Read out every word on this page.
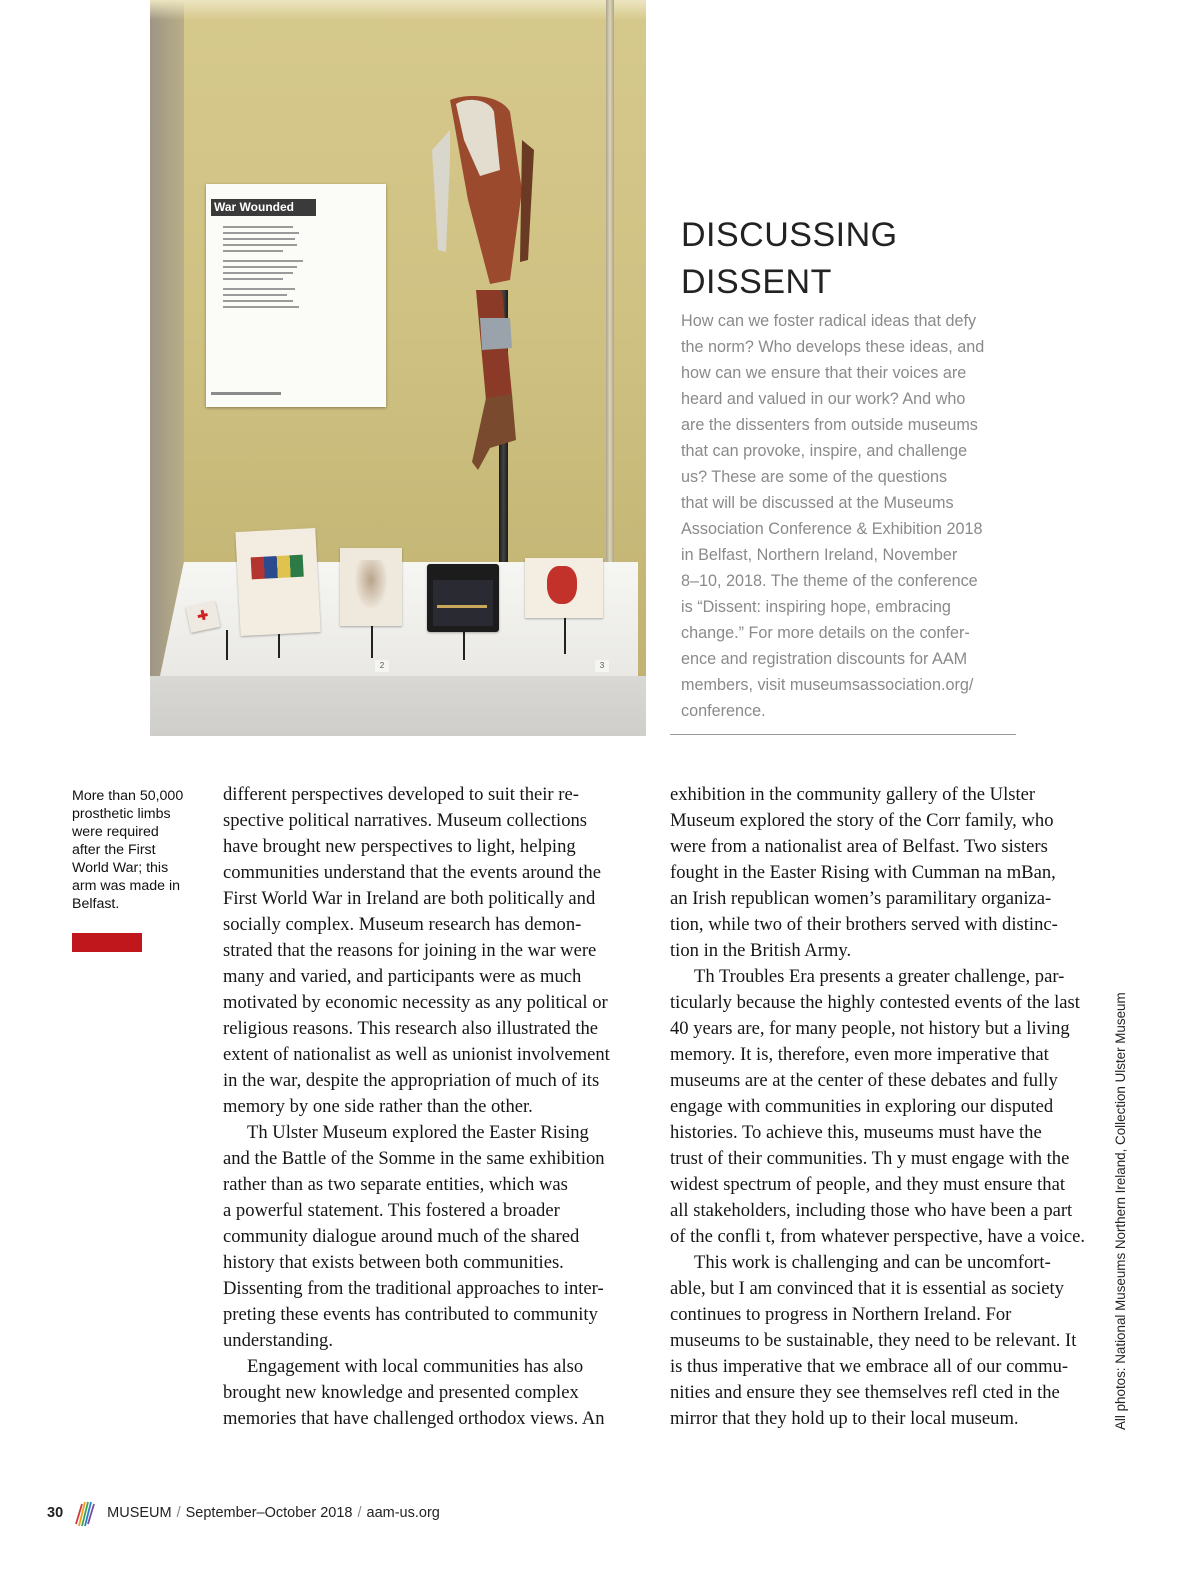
War Wounded
2	3
DISCUSSING
DISSENT
How can we foster radical ideas that defy
the norm? Who develops these ideas, and
how can we ensure that their voices are
heard and valued in our work? And who
are the dissenters from outside museums
that can provoke, inspire, and challenge
us? These are some of the questions
that will be discussed at the Museums
Association Conference & Exhibition 2018
in Belfast, Northern Ireland, November
8–10, 2018. The theme of the conference
is “Dissent: inspiring hope, embracing
change.” For more details on the confer-
ence and registration discounts for AAM
members, visit museumsassociation.org/
conference.
More than 50,000
prosthetic limbs
were required
after the First
World War; this
arm was made in
Belfast.
different perspectives developed to suit their re-
spective political narratives. Museum collections
have brought new perspectives to light, helping
communities understand that the events around the
First World War in Ireland are both politically and
socially complex. Museum research has demon-
strated that the reasons for joining in the war were
many and varied, and participants were as much
motivated by economic necessity as any political or
religious reasons. This research also illustrated the
extent of nationalist as well as unionist involvement
in the war, despite the appropriation of much of its
memory by one side rather than the other.
Th Ulster Museum explored the Easter Rising
and the Battle of the Somme in the same exhibition
rather than as two separate entities, which was
a powerful statement. This fostered a broader
community dialogue around much of the shared
history that exists between both communities.
Dissenting from the traditional approaches to inter-
preting these events has contributed to community
understanding.
Engagement with local communities has also
brought new knowledge and presented complex
memories that have challenged orthodox views. An
exhibition in the community gallery of the Ulster
Museum explored the story of the Corr family, who
were from a nationalist area of Belfast. Two sisters
fought in the Easter Rising with Cumman na mBan,
an Irish republican women’s paramilitary organiza-
tion, while two of their brothers served with distinc-
tion in the British Army.
Th Troubles Era presents a greater challenge, par-
ticularly because the highly contested events of the last
40 years are, for many people, not history but a living
memory. It is, therefore, even more imperative that
museums are at the center of these debates and fully
engage with communities in exploring our disputed
histories. To achieve this, museums must have the
trust of their communities. Th y must engage with the
widest spectrum of people, and they must ensure that
all stakeholders, including those who have been a part
of the confli t, from whatever perspective, have a voice.
This work is challenging and can be uncomfort-
able, but I am convinced that it is essential as society
continues to progress in Northern Ireland. For
museums to be sustainable, they need to be relevant. It
is thus imperative that we embrace all of our commu-
nities and ensure they see themselves refl cted in the
mirror that they hold up to their local museum.	All photos: National Museums Northern Ireland, Collection Ulster Museum
30	MUSEUM / September–October 2018 / aam-us.org
